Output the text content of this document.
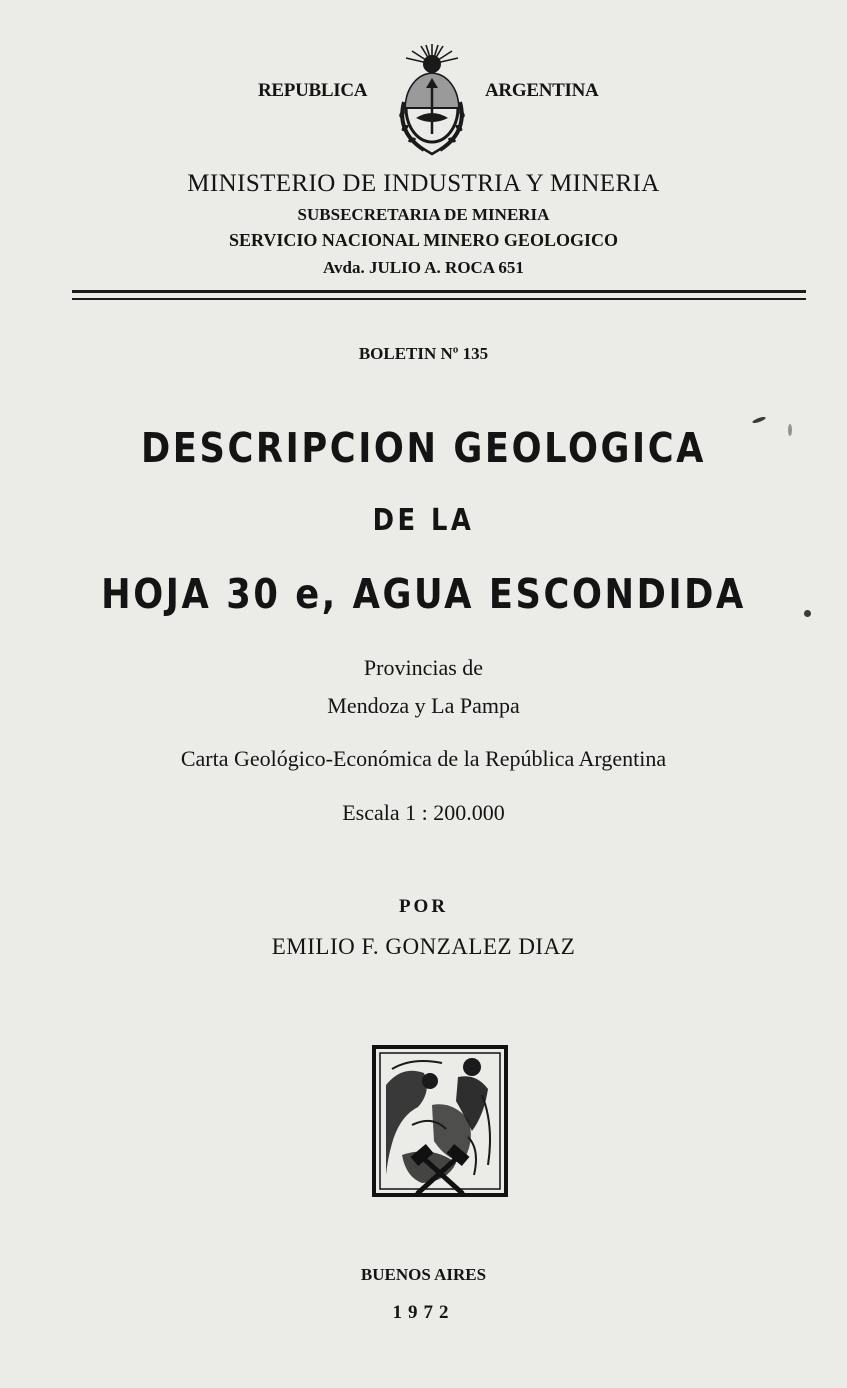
REPUBLICA	ARGENTINA
MINISTERIO DE INDUSTRIA Y MINERIA
SUBSECRETARIA DE MINERIA
SERVICIO NACIONAL MINERO GEOLOGICO
Avda. JULIO A. ROCA 651
BOLETIN Nº 135
DESCRIPCION GEOLOGICA
DE LA
HOJA 30 e, AGUA ESCONDIDA
Provincias de
Mendoza y La Pampa
Carta Geológico-Económica de la República Argentina
Escala 1 : 200.000
POR
EMILIO F. GONZALEZ DIAZ
BUENOS AIRES
1972
